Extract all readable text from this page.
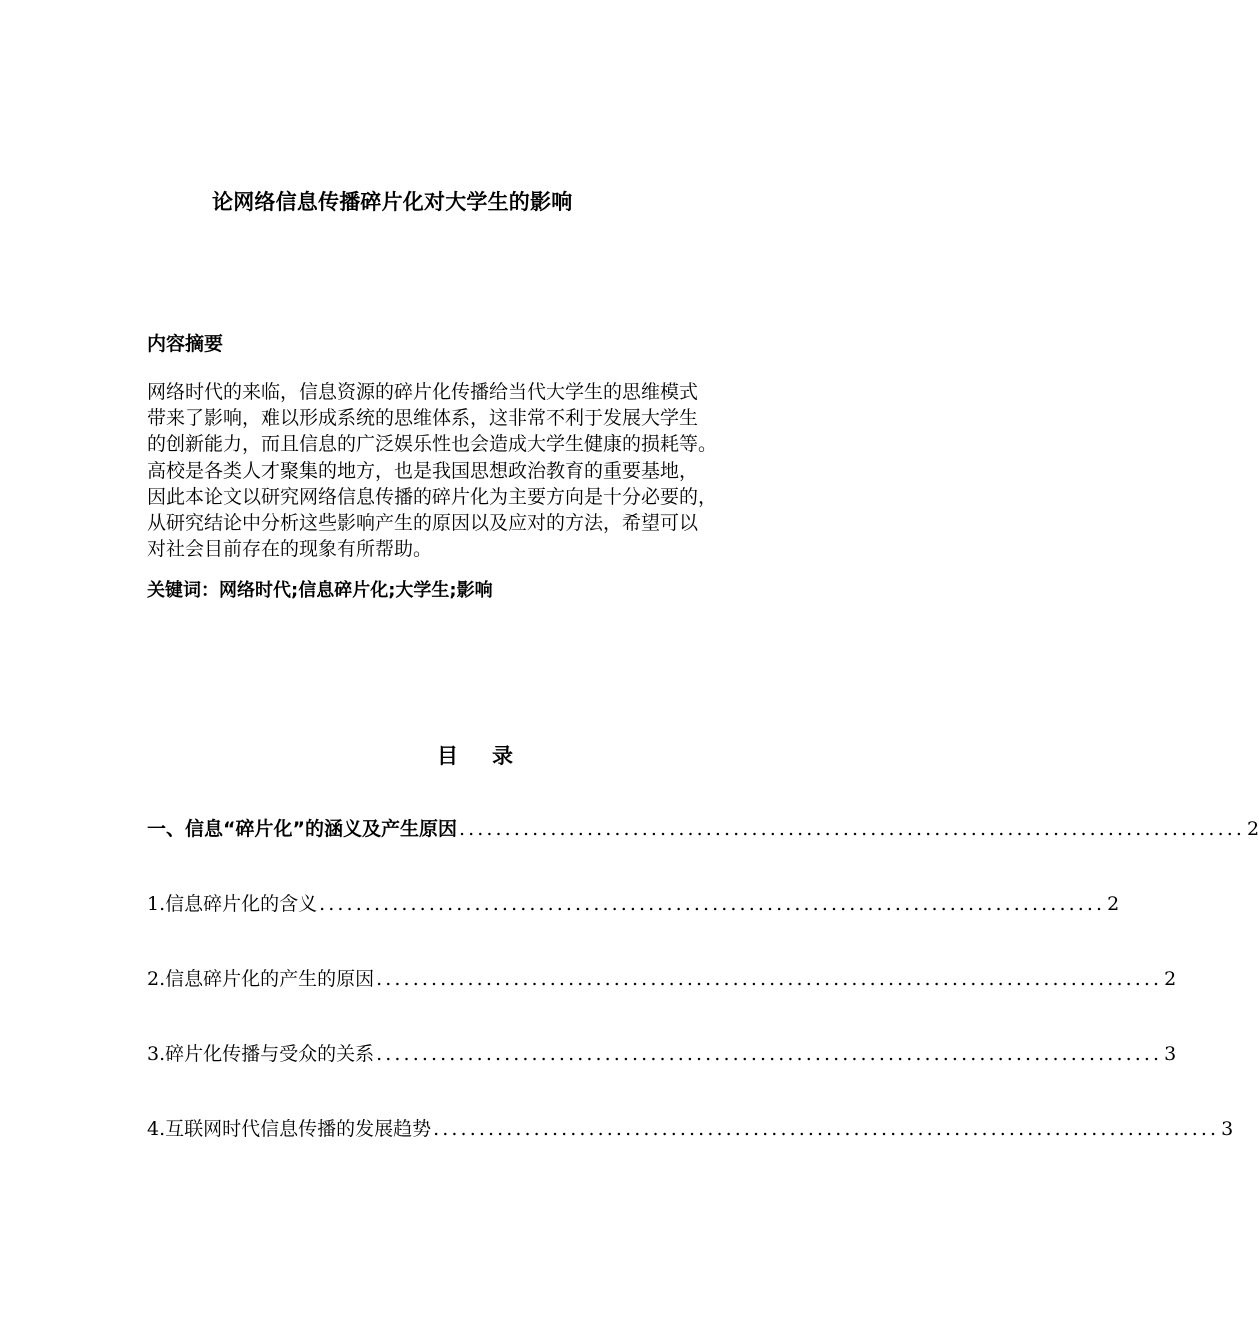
论网络信息传播碎片化对大学生的影响
内容摘要
网络时代的来临，信息资源的碎片化传播给当代大学生的思维模式
带来了影响，难以形成系统的思维体系，这非常不利于发展大学生
的创新能力，而且信息的广泛娱乐性也会造成大学生健康的损耗等。
高校是各类人才聚集的地方，也是我国思想政治教育的重要基地，
因此本论文以研究网络信息传播的碎片化为主要方向是十分必要的，
从研究结论中分析这些影响产生的原因以及应对的方法，希望可以
对社会目前存在的现象有所帮助。
关键词：网络时代;信息碎片化;大学生;影响
目录
一、信息“碎片化”的涵义及产生原因 ...................................................................................... 2
1.信息碎片化的含义 ...................................................................................... 2
2.信息碎片化的产生的原因 ...................................................................................... 2
3.碎片化传播与受众的关系 ...................................................................................... 3
4.互联网时代信息传播的发展趋势 ...................................................................................... 3
